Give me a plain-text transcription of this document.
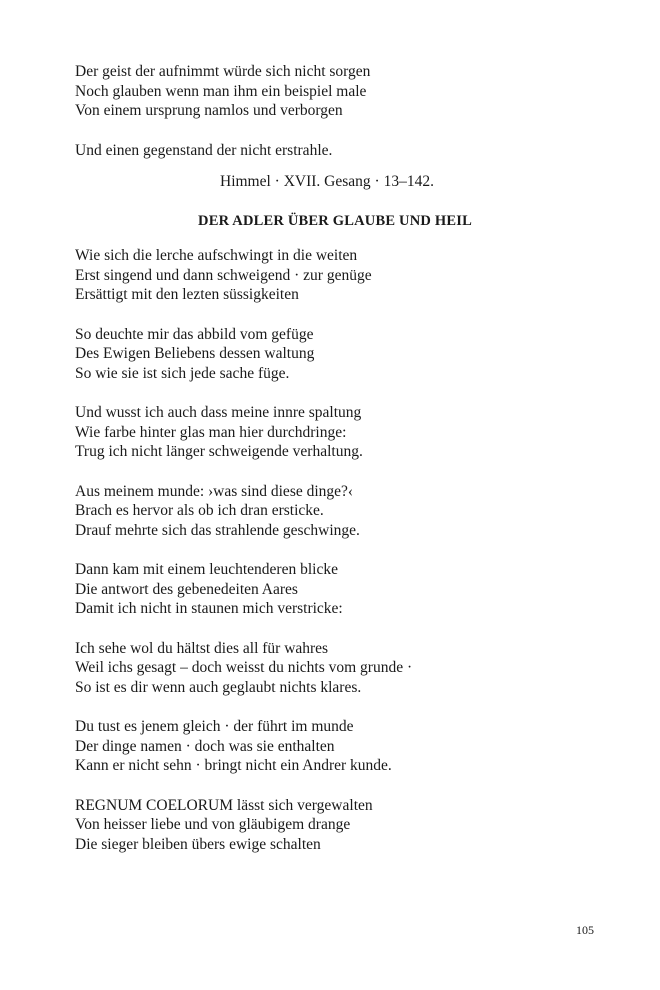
Der geist der aufnimmt würde sich nicht sorgen
Noch glauben wenn man ihm ein beispiel male
Von einem ursprung namlos und verborgen
Und einen gegenstand der nicht erstrahle.
Himmel · XVII. Gesang · 13–142.
DER ADLER ÜBER GLAUBE UND HEIL
Wie sich die lerche aufschwingt in die weiten
Erst singend und dann schweigend · zur genüge
Ersättigt mit den lezten süssigkeiten
So deuchte mir das abbild vom gefüge
Des Ewigen Beliebens dessen waltung
So wie sie ist sich jede sache füge.
Und wusst ich auch dass meine innre spaltung
Wie farbe hinter glas man hier durchdringe:
Trug ich nicht länger schweigende verhaltung.
Aus meinem munde: ›was sind diese dinge?‹
Brach es hervor als ob ich dran ersticke.
Drauf mehrte sich das strahlende geschwinge.
Dann kam mit einem leuchtenderen blicke
Die antwort des gebenedeiten Aares
Damit ich nicht in staunen mich verstricke:
Ich sehe wol du hältst dies all für wahres
Weil ichs gesagt – doch weisst du nichts vom grunde ·
So ist es dir wenn auch geglaubt nichts klares.
Du tust es jenem gleich · der führt im munde
Der dinge namen · doch was sie enthalten
Kann er nicht sehn · bringt nicht ein Andrer kunde.
REGNUM COELORUM lässt sich vergewalten
Von heisser liebe und von gläubigem drange
Die sieger bleiben übers ewige schalten
105
